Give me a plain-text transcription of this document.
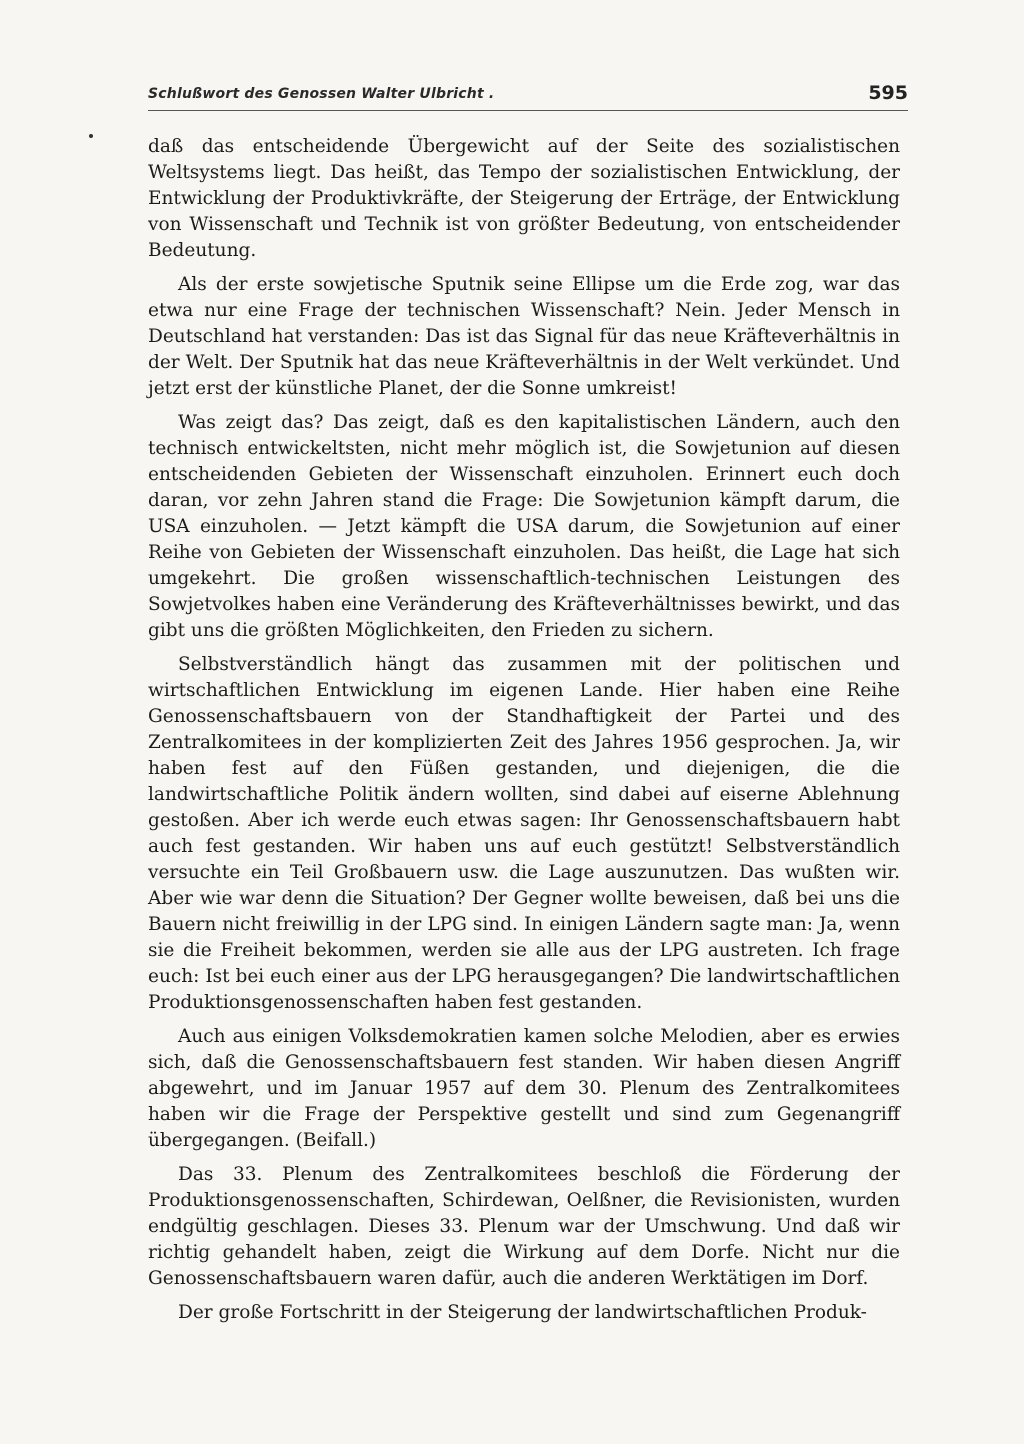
Schlußwort des Genossen Walter Ulbricht .	595

daß das entscheidende Übergewicht auf der Seite des sozialistischen Weltsystems liegt. Das heißt, das Tempo der sozialistischen Entwicklung, der Entwicklung der Produktivkräfte, der Steigerung der Erträge, der Entwicklung von Wissenschaft und Technik ist von größter Bedeutung, von entscheidender Bedeutung.

Als der erste sowjetische Sputnik seine Ellipse um die Erde zog, war das etwa nur eine Frage der technischen Wissenschaft? Nein. Jeder Mensch in Deutschland hat verstanden: Das ist das Signal für das neue Kräfteverhältnis in der Welt. Der Sputnik hat das neue Kräfteverhältnis in der Welt verkündet. Und jetzt erst der künstliche Planet, der die Sonne umkreist!

Was zeigt das? Das zeigt, daß es den kapitalistischen Ländern, auch den technisch entwickeltsten, nicht mehr möglich ist, die Sowjetunion auf diesen entscheidenden Gebieten der Wissenschaft einzuholen. Erinnert euch doch daran, vor zehn Jahren stand die Frage: Die Sowjetunion kämpft darum, die USA einzuholen. — Jetzt kämpft die USA darum, die Sowjetunion auf einer Reihe von Gebieten der Wissenschaft einzuholen. Das heißt, die Lage hat sich umgekehrt. Die großen wissenschaftlich-technischen Leistungen des Sowjetvolkes haben eine Veränderung des Kräfteverhältnisses bewirkt, und das gibt uns die größten Möglichkeiten, den Frieden zu sichern.

Selbstverständlich hängt das zusammen mit der politischen und wirtschaftlichen Entwicklung im eigenen Lande. Hier haben eine Reihe Genossenschaftsbauern von der Standhaftigkeit der Partei und des Zentralkomitees in der komplizierten Zeit des Jahres 1956 gesprochen. Ja, wir haben fest auf den Füßen gestanden, und diejenigen, die die landwirtschaftliche Politik ändern wollten, sind dabei auf eiserne Ablehnung gestoßen. Aber ich werde euch etwas sagen: Ihr Genossenschaftsbauern habt auch fest gestanden. Wir haben uns auf euch gestützt! Selbstverständlich versuchte ein Teil Großbauern usw. die Lage auszunutzen. Das wußten wir. Aber wie war denn die Situation? Der Gegner wollte beweisen, daß bei uns die Bauern nicht freiwillig in der LPG sind. In einigen Ländern sagte man: Ja, wenn sie die Freiheit bekommen, werden sie alle aus der LPG austreten. Ich frage euch: Ist bei euch einer aus der LPG herausgegangen? Die landwirtschaftlichen Produktionsgenossenschaften haben fest gestanden.

Auch aus einigen Volksdemokratien kamen solche Melodien, aber es erwies sich, daß die Genossenschaftsbauern fest standen. Wir haben diesen Angriff abgewehrt, und im Januar 1957 auf dem 30. Plenum des Zentralkomitees haben wir die Frage der Perspektive gestellt und sind zum Gegenangriff übergegangen. (Beifall.)

Das 33. Plenum des Zentralkomitees beschloß die Förderung der Produktionsgenossenschaften, Schirdewan, Oelßner, die Revisionisten, wurden endgültig geschlagen. Dieses 33. Plenum war der Umschwung. Und daß wir richtig gehandelt haben, zeigt die Wirkung auf dem Dorfe. Nicht nur die Genossenschaftsbauern waren dafür, auch die anderen Werktätigen im Dorf.

Der große Fortschritt in der Steigerung der landwirtschaftlichen Produk-
